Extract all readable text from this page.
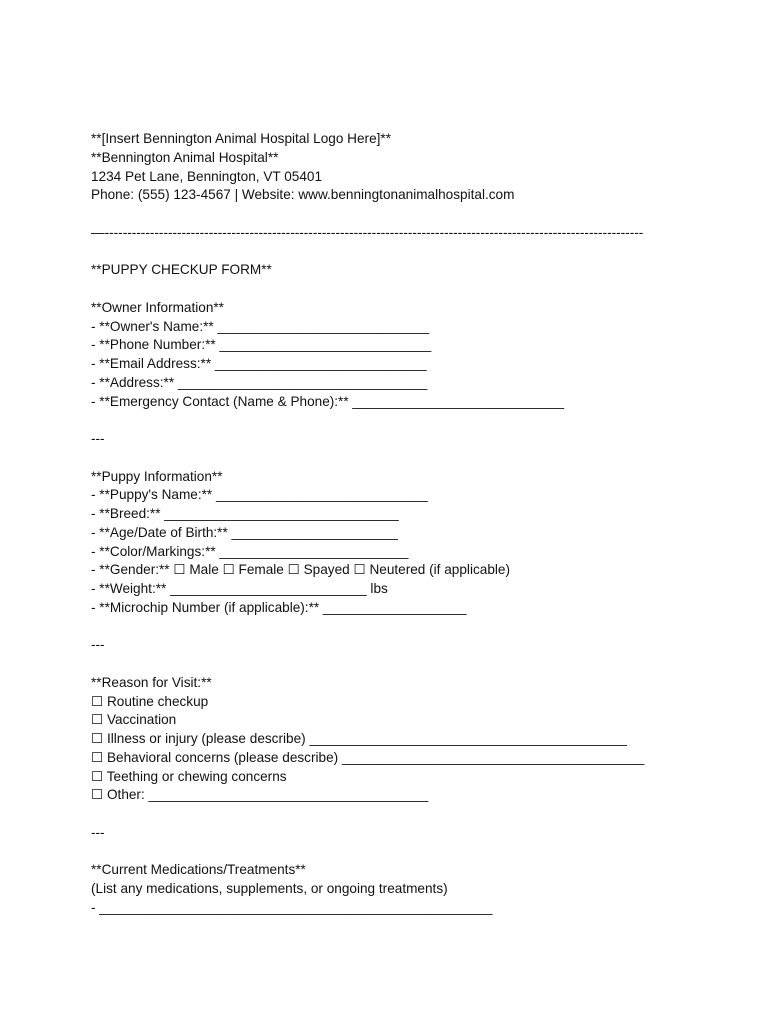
**[Insert Bennington Animal Hospital Logo Here]**
**Bennington Animal Hospital**
1234 Pet Lane, Bennington, VT 05401
Phone: (555) 123-4567 | Website: www.benningtonanimalhospital.com
—-----------------------------------------------------------------------------------------------------------------------
**PUPPY CHECKUP FORM**
**Owner Information**
- **Owner's Name:** ____________________________
- **Phone Number:** ____________________________
- **Email Address:** ____________________________
- **Address:** _________________________________
- **Emergency Contact (Name & Phone):** ____________________________
---
**Puppy Information**
- **Puppy's Name:** ____________________________
- **Breed:** _______________________________
- **Age/Date of Birth:** ______________________
- **Color/Markings:** _________________________
- **Gender:** ☐ Male ☐ Female ☐ Spayed ☐ Neutered (if applicable)
- **Weight:** __________________________ lbs
- **Microchip Number (if applicable):** ___________________
---
**Reason for Visit:**
☐ Routine checkup
☐ Vaccination
☐ Illness or injury (please describe) __________________________________________
☐ Behavioral concerns (please describe) ________________________________________
☐ Teething or chewing concerns
☐ Other: _____________________________________
---
**Current Medications/Treatments**
(List any medications, supplements, or ongoing treatments)
- ____________________________________________________
